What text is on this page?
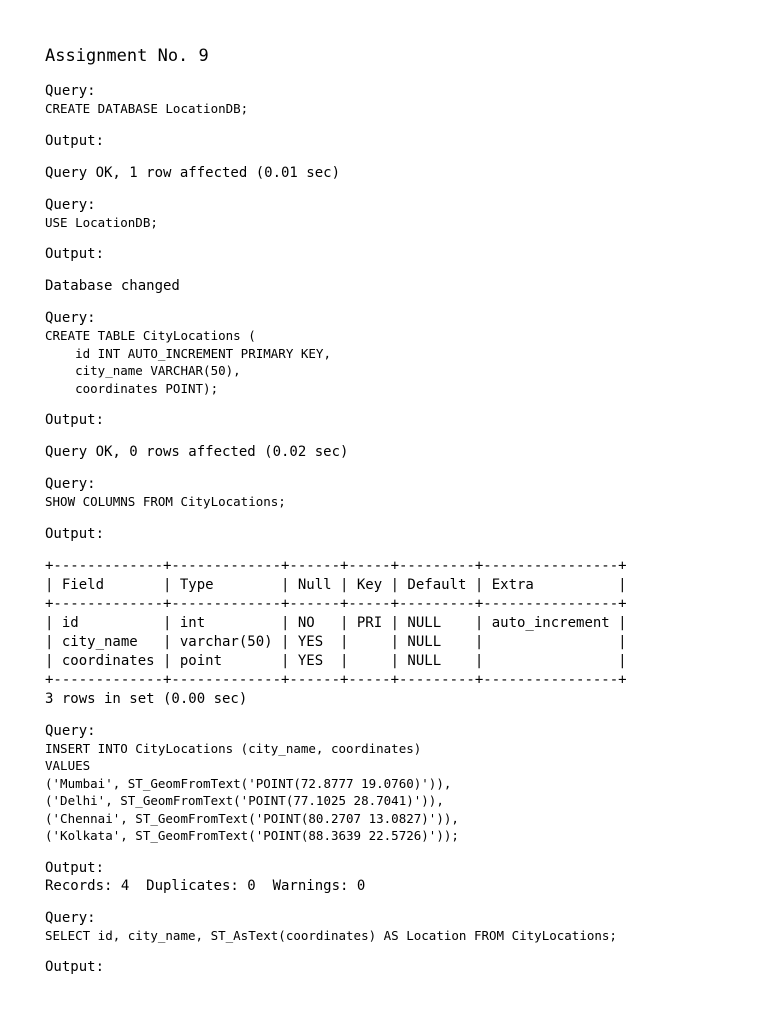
Assignment No. 9
Query:
CREATE DATABASE LocationDB;
Output:
Query OK, 1 row affected (0.01 sec)
Query:
USE LocationDB;
Output:
Database changed
Query:
CREATE TABLE CityLocations (
id INT AUTO_INCREMENT PRIMARY KEY,
city_name VARCHAR(50),
coordinates POINT);
Output:
Query OK, 0 rows affected (0.02 sec)
Query:
SHOW COLUMNS FROM CityLocations;
Output:
+-------------+-------------+------+-----+---------+----------------+
| Field       | Type        | Null | Key | Default | Extra          |
+-------------+-------------+------+-----+---------+----------------+
| id          | int         | NO   | PRI | NULL    | auto_increment |
| city_name   | varchar(50) | YES  |     | NULL    |                |
| coordinates | point       | YES  |     | NULL    |                |
+-------------+-------------+------+-----+---------+----------------+
3 rows in set (0.00 sec)
Query:
INSERT INTO CityLocations (city_name, coordinates)
VALUES
('Mumbai', ST_GeomFromText('POINT(72.8777 19.0760)')),
('Delhi', ST_GeomFromText('POINT(77.1025 28.7041)')),
('Chennai', ST_GeomFromText('POINT(80.2707 13.0827)')),
('Kolkata', ST_GeomFromText('POINT(88.3639 22.5726)'));
Output:
Records: 4  Duplicates: 0  Warnings: 0
Query:
SELECT id, city_name, ST_AsText(coordinates) AS Location FROM CityLocations;
Output:
